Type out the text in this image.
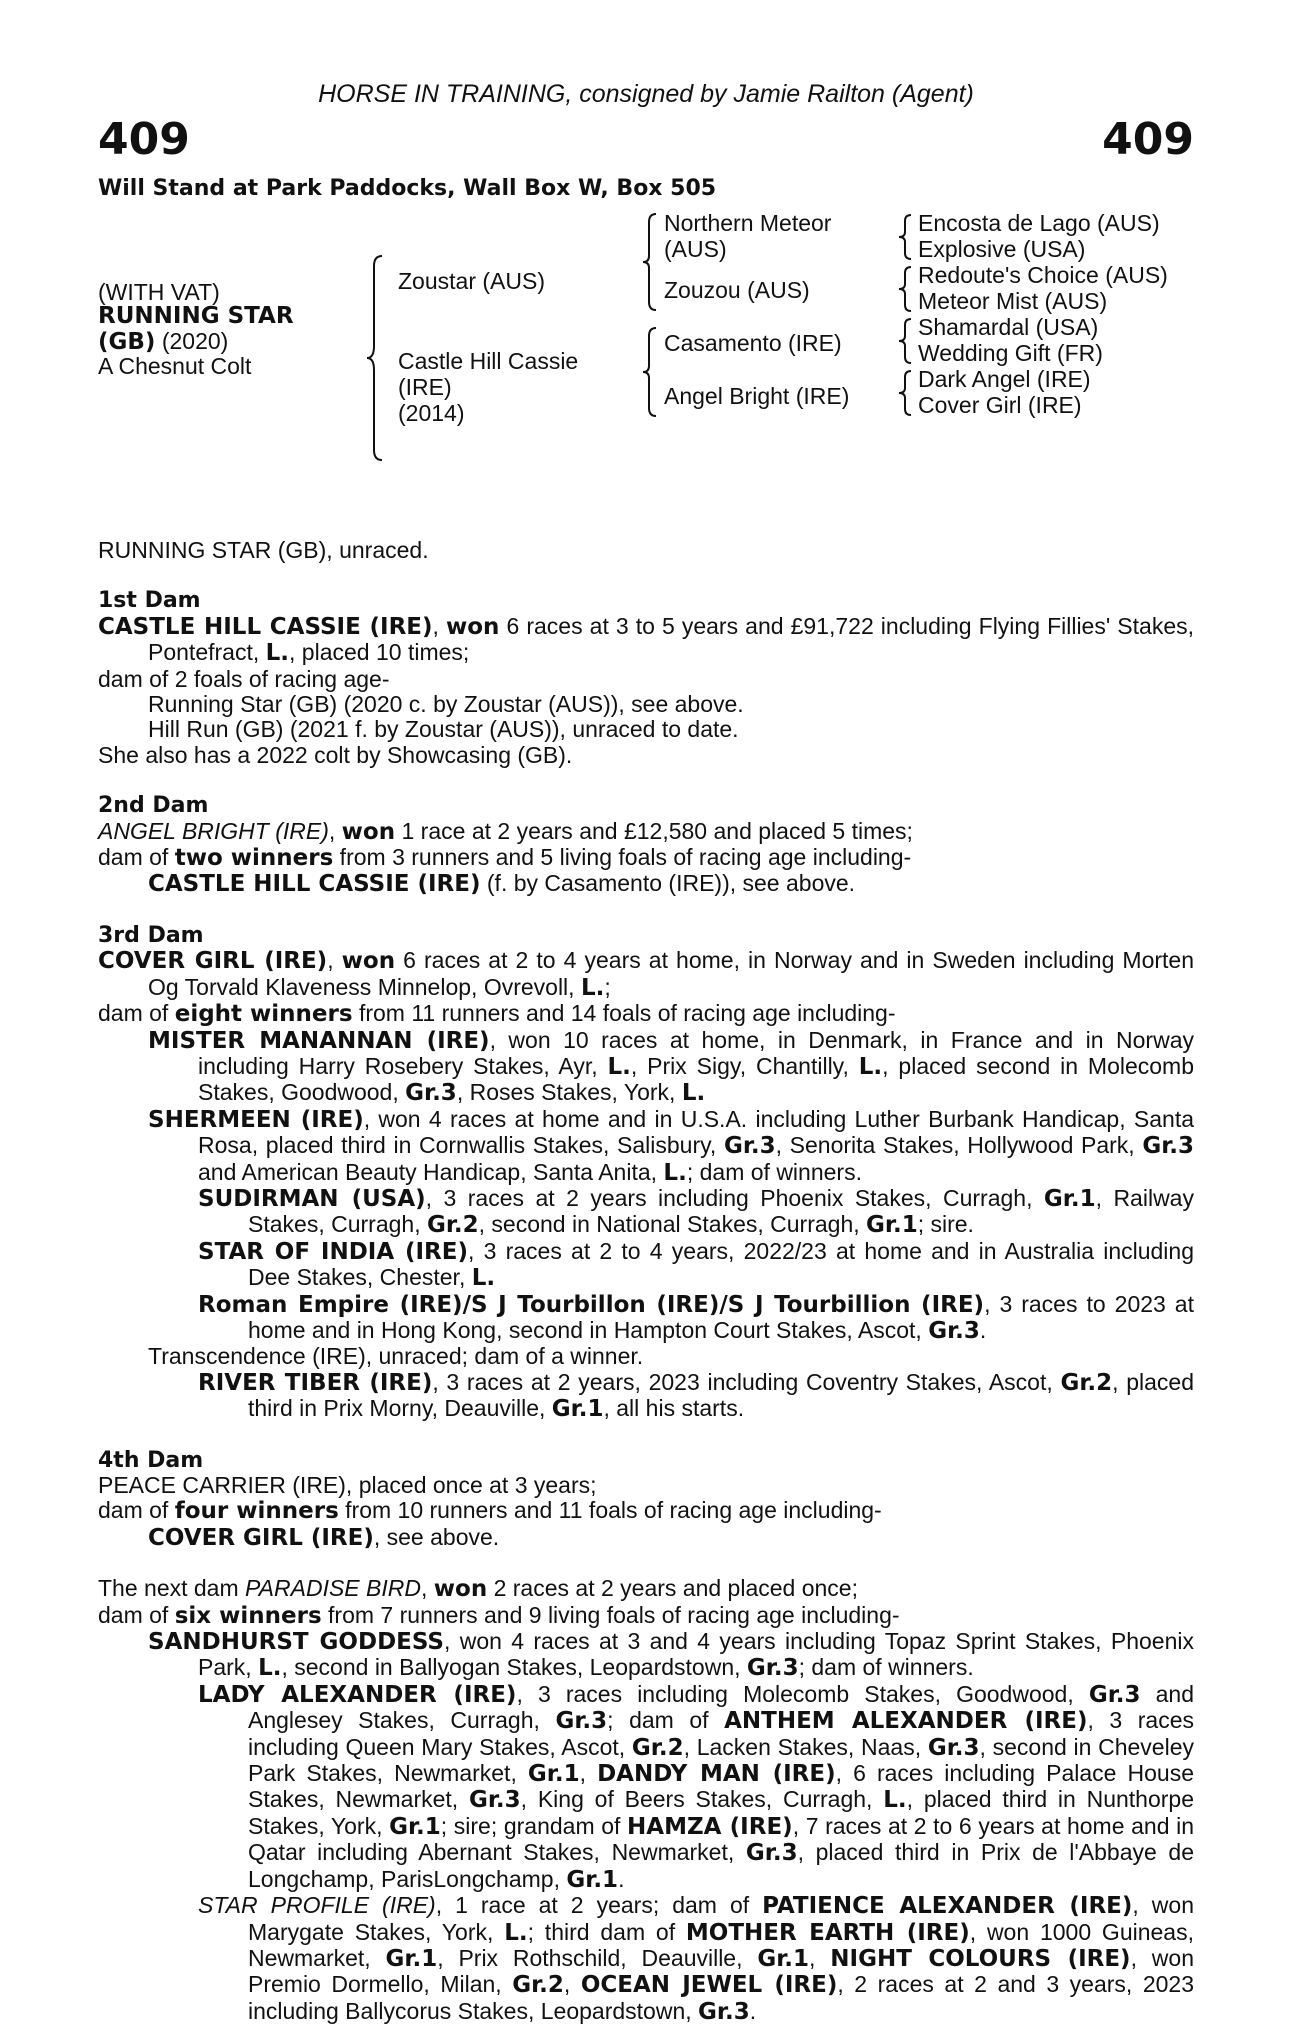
HORSE IN TRAINING, consigned by Jamie Railton (Agent)
409	409
Will Stand at Park Paddocks, Wall Box W, Box 505
(WITH VAT)
RUNNING STAR
(GB) (2020)
A Chesnut Colt
Zoustar (AUS)
Castle Hill Cassie
(IRE)
(2014)
Northern Meteor
(AUS)
Zouzou (AUS)
Casamento (IRE)
Angel Bright (IRE)
Encosta de Lago (AUS)
Explosive (USA)
Redoute's Choice (AUS)
Meteor Mist (AUS)
Shamardal (USA)
Wedding Gift (FR)
Dark Angel (IRE)
Cover Girl (IRE)

RUNNING STAR (GB), unraced.

1st Dam

CASTLE HILL CASSIE (IRE), won 6 races at 3 to 5 years and £91,722 including Flying Fillies' Stakes, Pontefract, L., placed 10 times;

dam of 2 foals of racing age-

Running Star (GB) (2020 c. by Zoustar (AUS)), see above.

Hill Run (GB) (2021 f. by Zoustar (AUS)), unraced to date.

She also has a 2022 colt by Showcasing (GB).

2nd Dam

ANGEL BRIGHT (IRE), won 1 race at 2 years and £12,580 and placed 5 times;

dam of two winners from 3 runners and 5 living foals of racing age including-

CASTLE HILL CASSIE (IRE) (f. by Casamento (IRE)), see above.

3rd Dam

COVER GIRL (IRE), won 6 races at 2 to 4 years at home, in Norway and in Sweden including Morten Og Torvald Klaveness Minnelop, Ovrevoll, L.;

dam of eight winners from 11 runners and 14 foals of racing age including-

MISTER MANANNAN (IRE), won 10 races at home, in Denmark, in France and in Norway including Harry Rosebery Stakes, Ayr, L., Prix Sigy, Chantilly, L., placed second in Molecomb Stakes, Goodwood, Gr.3, Roses Stakes, York, L.

SHERMEEN (IRE), won 4 races at home and in U.S.A. including Luther Burbank Handicap, Santa Rosa, placed third in Cornwallis Stakes, Salisbury, Gr.3, Senorita Stakes, Hollywood Park, Gr.3 and American Beauty Handicap, Santa Anita, L.; dam of winners.

SUDIRMAN (USA), 3 races at 2 years including Phoenix Stakes, Curragh, Gr.1, Railway Stakes, Curragh, Gr.2, second in National Stakes, Curragh, Gr.1; sire.

STAR OF INDIA (IRE), 3 races at 2 to 4 years, 2022/23 at home and in Australia including Dee Stakes, Chester, L.

Roman Empire (IRE)/S J Tourbillon (IRE)/S J Tourbillion (IRE), 3 races to 2023 at home and in Hong Kong, second in Hampton Court Stakes, Ascot, Gr.3.

Transcendence (IRE), unraced; dam of a winner.

RIVER TIBER (IRE), 3 races at 2 years, 2023 including Coventry Stakes, Ascot, Gr.2, placed third in Prix Morny, Deauville, Gr.1, all his starts.

4th Dam

PEACE CARRIER (IRE), placed once at 3 years;

dam of four winners from 10 runners and 11 foals of racing age including-

COVER GIRL (IRE), see above.

The next dam PARADISE BIRD, won 2 races at 2 years and placed once;

dam of six winners from 7 runners and 9 living foals of racing age including-

SANDHURST GODDESS, won 4 races at 3 and 4 years including Topaz Sprint Stakes, Phoenix Park, L., second in Ballyogan Stakes, Leopardstown, Gr.3; dam of winners.

LADY ALEXANDER (IRE), 3 races including Molecomb Stakes, Goodwood, Gr.3 and Anglesey Stakes, Curragh, Gr.3; dam of ANTHEM ALEXANDER (IRE), 3 races including Queen Mary Stakes, Ascot, Gr.2, Lacken Stakes, Naas, Gr.3, second in Cheveley Park Stakes, Newmarket, Gr.1, DANDY MAN (IRE), 6 races including Palace House Stakes, Newmarket, Gr.3, King of Beers Stakes, Curragh, L., placed third in Nunthorpe Stakes, York, Gr.1; sire; grandam of HAMZA (IRE), 7 races at 2 to 6 years at home and in Qatar including Abernant Stakes, Newmarket, Gr.3, placed third in Prix de l'Abbaye de Longchamp, ParisLongchamp, Gr.1.

STAR PROFILE (IRE), 1 race at 2 years; dam of PATIENCE ALEXANDER (IRE), won Marygate Stakes, York, L.; third dam of MOTHER EARTH (IRE), won 1000 Guineas, Newmarket, Gr.1, Prix Rothschild, Deauville, Gr.1, NIGHT COLOURS (IRE), won Premio Dormello, Milan, Gr.2, OCEAN JEWEL (IRE), 2 races at 2 and 3 years, 2023 including Ballycorus Stakes, Leopardstown, Gr.3.
